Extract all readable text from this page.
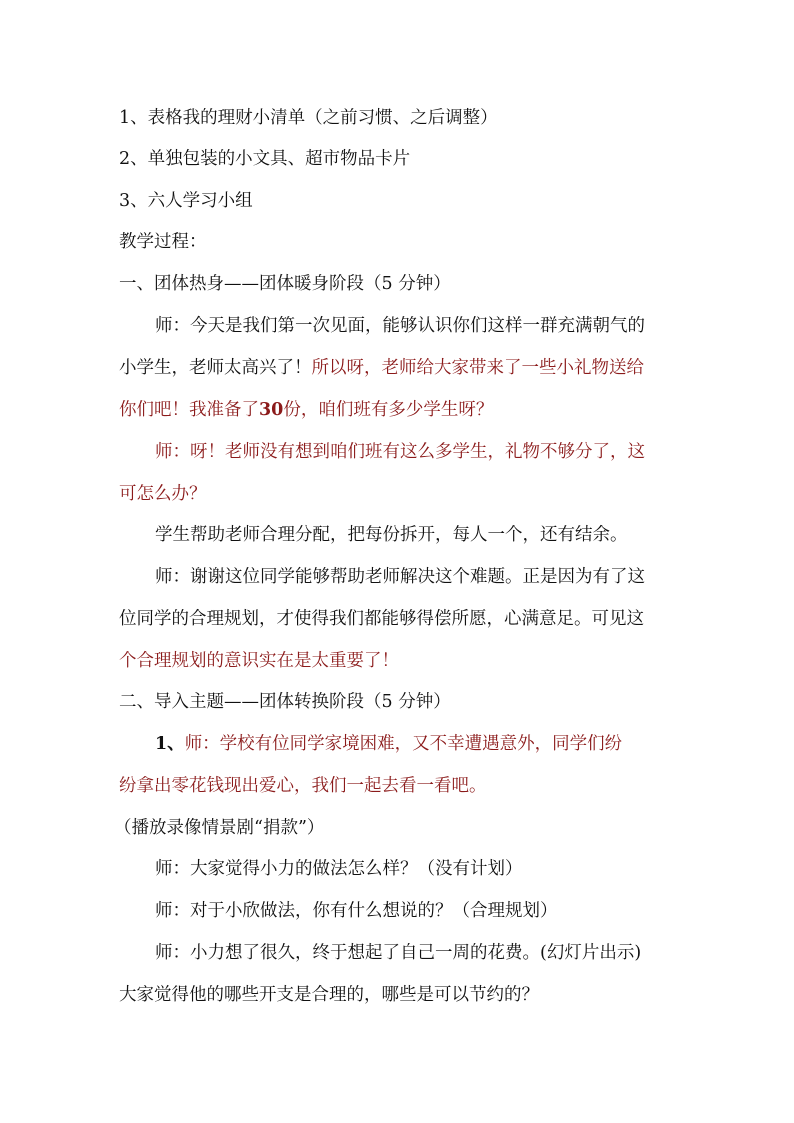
1、表格我的理财小清单（之前习惯、之后调整）
2、单独包装的小文具、超市物品卡片
3、六人学习小组
教学过程：
一、团体热身——团体暖身阶段（5 分钟）
师：今天是我们第一次见面，能够认识你们这样一群充满朝气的
小学生，老师太高兴了！所以呀，老师给大家带来了一些小礼物送给
你们吧！我准备了30份，咱们班有多少学生呀？
师：呀！老师没有想到咱们班有这么多学生，礼物不够分了，这
可怎么办？
学生帮助老师合理分配，把每份拆开，每人一个，还有结余。
师：谢谢这位同学能够帮助老师解决这个难题。正是因为有了这
位同学的合理规划，才使得我们都能够得偿所愿，心满意足。可见这
个合理规划的意识实在是太重要了！
二、导入主题——团体转换阶段（5 分钟）
1、师：学校有位同学家境困难，又不幸遭遇意外，同学们纷
纷拿出零花钱现出爱心，我们一起去看一看吧。
（播放录像情景剧“捐款”）
师：大家觉得小力的做法怎么样？（没有计划）
师：对于小欣做法，你有什么想说的？（合理规划）
师：小力想了很久，终于想起了自己一周的花费。(幻灯片出示)
大家觉得他的哪些开支是合理的，哪些是可以节约的？
